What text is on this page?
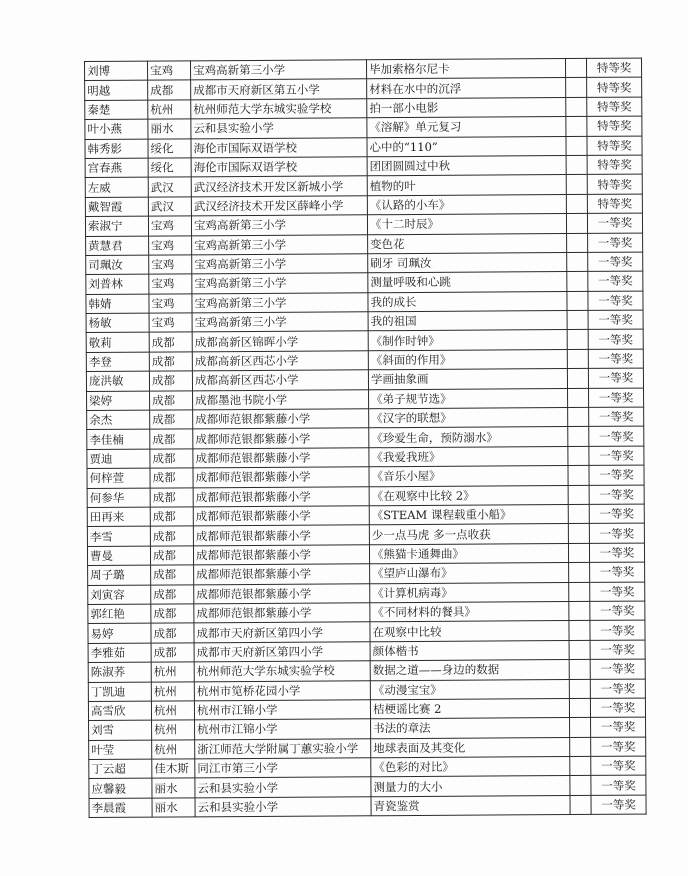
刘博	宝鸡	宝鸡高新第三小学	毕加索格尔尼卡		特等奖
明越	成都	成都市天府新区第五小学	材料在水中的沉浮		特等奖
秦楚	杭州	杭州师范大学东城实验学校	拍一部小电影		特等奖
叶小燕	丽水	云和县实验小学	《溶解》单元复习		特等奖
韩秀影	绥化	海伦市国际双语学校	心中的“110”		特等奖
宫春燕	绥化	海伦市国际双语学校	团团圆圆过中秋		特等奖
左威	武汉	武汉经济技术开发区新城小学	植物的叶		特等奖
戴智霞	武汉	武汉经济技术开发区薛峰小学	《认路的小车》		特等奖
索淑宁	宝鸡	宝鸡高新第三小学	《十二时辰》		一等奖
黄慧君	宝鸡	宝鸡高新第三小学	变色花		一等奖
司珮汝	宝鸡	宝鸡高新第三小学	刷牙 司珮汝		一等奖
刘普林	宝鸡	宝鸡高新第三小学	测量呼吸和心跳		一等奖
韩婧	宝鸡	宝鸡高新第三小学	我的成长		一等奖
杨敏	宝鸡	宝鸡高新第三小学	我的祖国		一等奖
敬莉	成都	成都高新区锦晖小学	《制作时钟》		一等奖
李登	成都	成都高新区西芯小学	《斜面的作用》		一等奖
庞洪敏	成都	成都高新区西芯小学	学画抽象画		一等奖
梁婷	成都	成都墨池书院小学	《弟子规节选》		一等奖
余杰	成都	成都师范银都紫藤小学	《汉字的联想》		一等奖
李佳楠	成都	成都师范银都紫藤小学	《珍爱生命，预防溺水》		一等奖
贾迪	成都	成都师范银都紫藤小学	《我爱我班》		一等奖
何梓萱	成都	成都师范银都紫藤小学	《音乐小屋》		一等奖
何参华	成都	成都师范银都紫藤小学	《在观察中比较 2》		一等奖
田再来	成都	成都师范银都紫藤小学	《STEAM 课程载重小船》		一等奖
李雪	成都	成都师范银都紫藤小学	少一点马虎 多一点收获		一等奖
曹曼	成都	成都师范银都紫藤小学	《熊猫卡通舞曲》		一等奖
周子璐	成都	成都师范银都紫藤小学	《望庐山瀑布》		一等奖
刘寅容	成都	成都师范银都紫藤小学	《计算机病毒》		一等奖
郭红艳	成都	成都师范银都紫藤小学	《不同材料的餐具》		一等奖
易婷	成都	成都市天府新区第四小学	在观察中比较		一等奖
李雅茹	成都	成都市天府新区第四小学	颜体楷书		一等奖
陈淑荞	杭州	杭州师范大学东城实验学校	数据之道——身边的数据		一等奖
丁凯迪	杭州	杭州市笕桥花园小学	《动漫宝宝》		一等奖
高雪欣	杭州	杭州市江锦小学	桔梗谣比赛 2		一等奖
刘雪	杭州	杭州市江锦小学	书法的章法		一等奖
叶莹	杭州	浙江师范大学附属丁蕙实验小学	地球表面及其变化		一等奖
丁云超	佳木斯	同江市第三小学	《色彩的对比》		一等奖
应馨毅	丽水	云和县实验小学	测量力的大小		一等奖
李晨霞	丽水	云和县实验小学	青瓷鉴赏		一等奖
